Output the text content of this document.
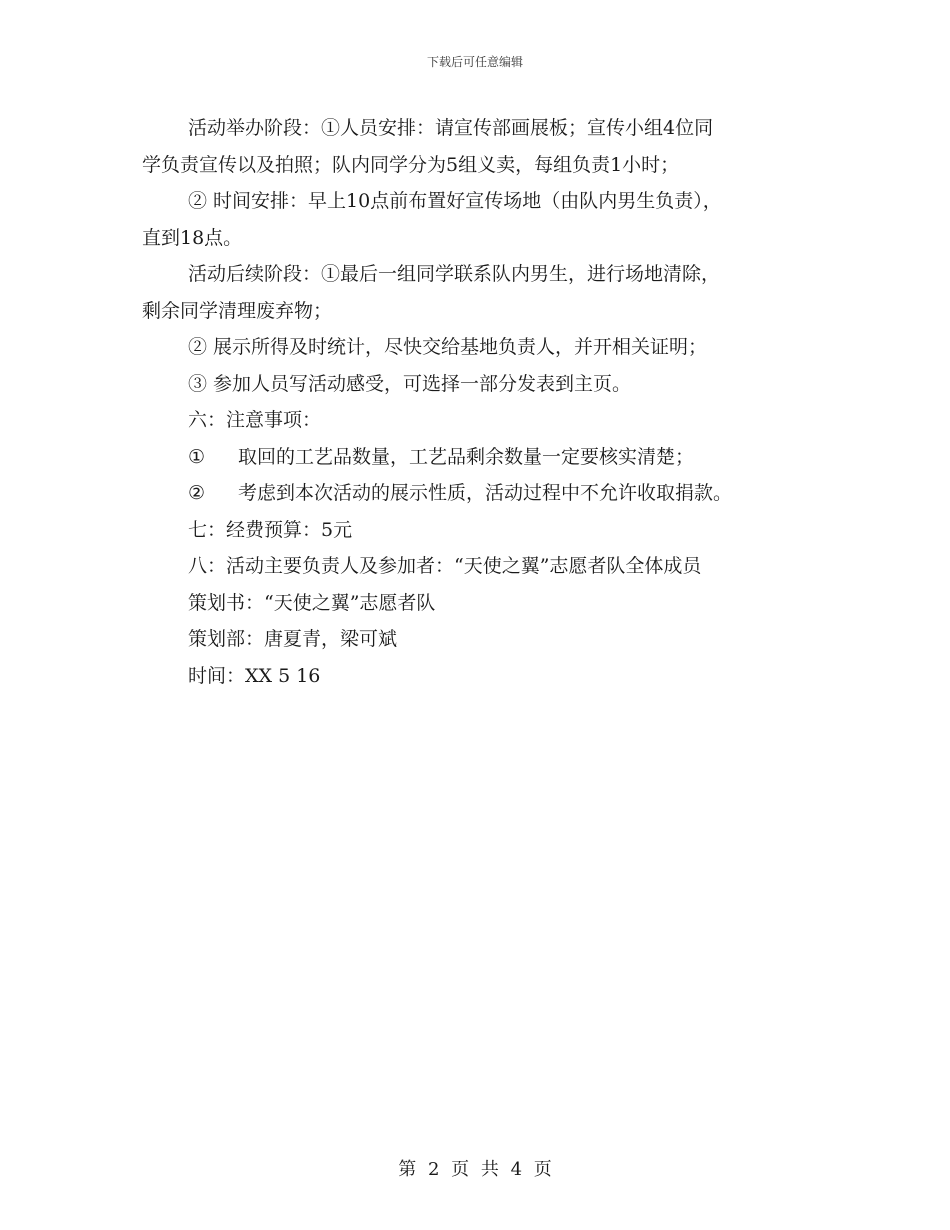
下载后可任意编辑

活动举办阶段：①人员安排：请宣传部画展板；宣传小组4位同

学负责宣传以及拍照；队内同学分为5组义卖，每组负责1小时；

② 时间安排：早上10点前布置好宣传场地（由队内男生负责），

直到18点。

活动后续阶段：①最后一组同学联系队内男生，进行场地清除，

剩余同学清理废弃物；

② 展示所得及时统计，尽快交给基地负责人，并开相关证明；

③ 参加人员写活动感受，可选择一部分发表到主页。

六：注意事项：

① 取回的工艺品数量，工艺品剩余数量一定要核实清楚；

② 考虑到本次活动的展示性质，活动过程中不允许收取捐款。

七：经费预算：5元

八：活动主要负责人及参加者：“天使之翼”志愿者队全体成员

策划书：“天使之翼”志愿者队

策划部：唐夏青，梁可斌

时间：XX 5 16

第 2 页 共 4 页
